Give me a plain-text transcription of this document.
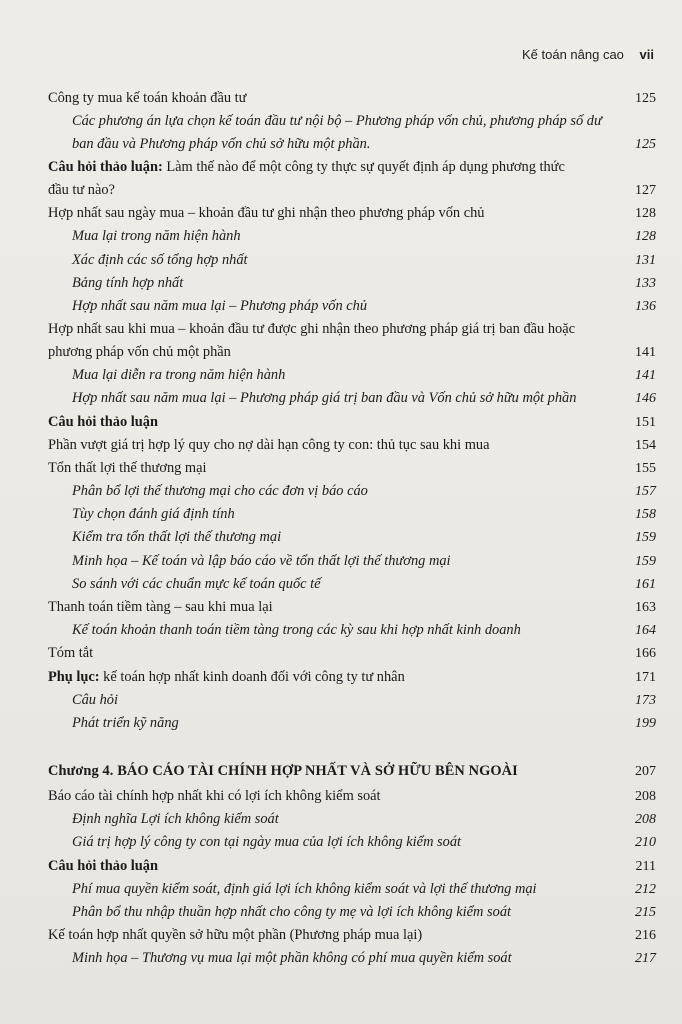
Kế toán nâng cao vii
Công ty mua kế toán khoản đầu tư	125
Các phương án lựa chọn kế toán đầu tư nội bộ – Phương pháp vốn chủ, phương pháp số dư
ban đầu và Phương pháp vốn chủ sở hữu một phần.	125
Câu hỏi thảo luận: Làm thế nào để một công ty thực sự quyết định áp dụng phương thức
đầu tư nào?	127
Hợp nhất sau ngày mua – khoản đầu tư ghi nhận theo phương pháp vốn chủ	128
Mua lại trong năm hiện hành	128
Xác định các số tổng hợp nhất	131
Bảng tính hợp nhất	133
Hợp nhất sau năm mua lại – Phương pháp vốn chủ	136
Hợp nhất sau khi mua – khoản đầu tư được ghi nhận theo phương pháp giá trị ban đầu hoặc
phương pháp vốn chủ một phần	141
Mua lại diễn ra trong năm hiện hành	141
Hợp nhất sau năm mua lại – Phương pháp giá trị ban đầu và Vốn chủ sở hữu một phần	146
Câu hỏi thảo luận	151
Phần vượt giá trị hợp lý quy cho nợ dài hạn công ty con: thủ tục sau khi mua	154
Tổn thất lợi thế thương mại	155
Phân bổ lợi thế thương mại cho các đơn vị báo cáo	157
Tùy chọn đánh giá định tính	158
Kiểm tra tổn thất lợi thế thương mại	159
Minh họa – Kế toán và lập báo cáo về tổn thất lợi thế thương mại	159
So sánh với các chuẩn mực kế toán quốc tế	161
Thanh toán tiềm tàng – sau khi mua lại	163
Kế toán khoản thanh toán tiềm tàng trong các kỳ sau khi hợp nhất kinh doanh	164
Tóm tắt	166
Phụ lục: kế toán hợp nhất kinh doanh đối với công ty tư nhân	171
Câu hỏi	173
Phát triển kỹ năng	199
Chương 4. BÁO CÁO TÀI CHÍNH HỢP NHẤT VÀ SỞ HỮU BÊN NGOÀI	207
Báo cáo tài chính hợp nhất khi có lợi ích không kiểm soát	208
Định nghĩa Lợi ích không kiểm soát	208
Giá trị hợp lý công ty con tại ngày mua của lợi ích không kiểm soát	210
Câu hỏi thảo luận	211
Phí mua quyền kiểm soát, định giá lợi ích không kiểm soát và lợi thế thương mại	212
Phân bổ thu nhập thuần hợp nhất cho công ty mẹ và lợi ích không kiểm soát	215
Kế toán hợp nhất quyền sở hữu một phần (Phương pháp mua lại)	216
Minh họa – Thương vụ mua lại một phần không có phí mua quyền kiểm soát	217
